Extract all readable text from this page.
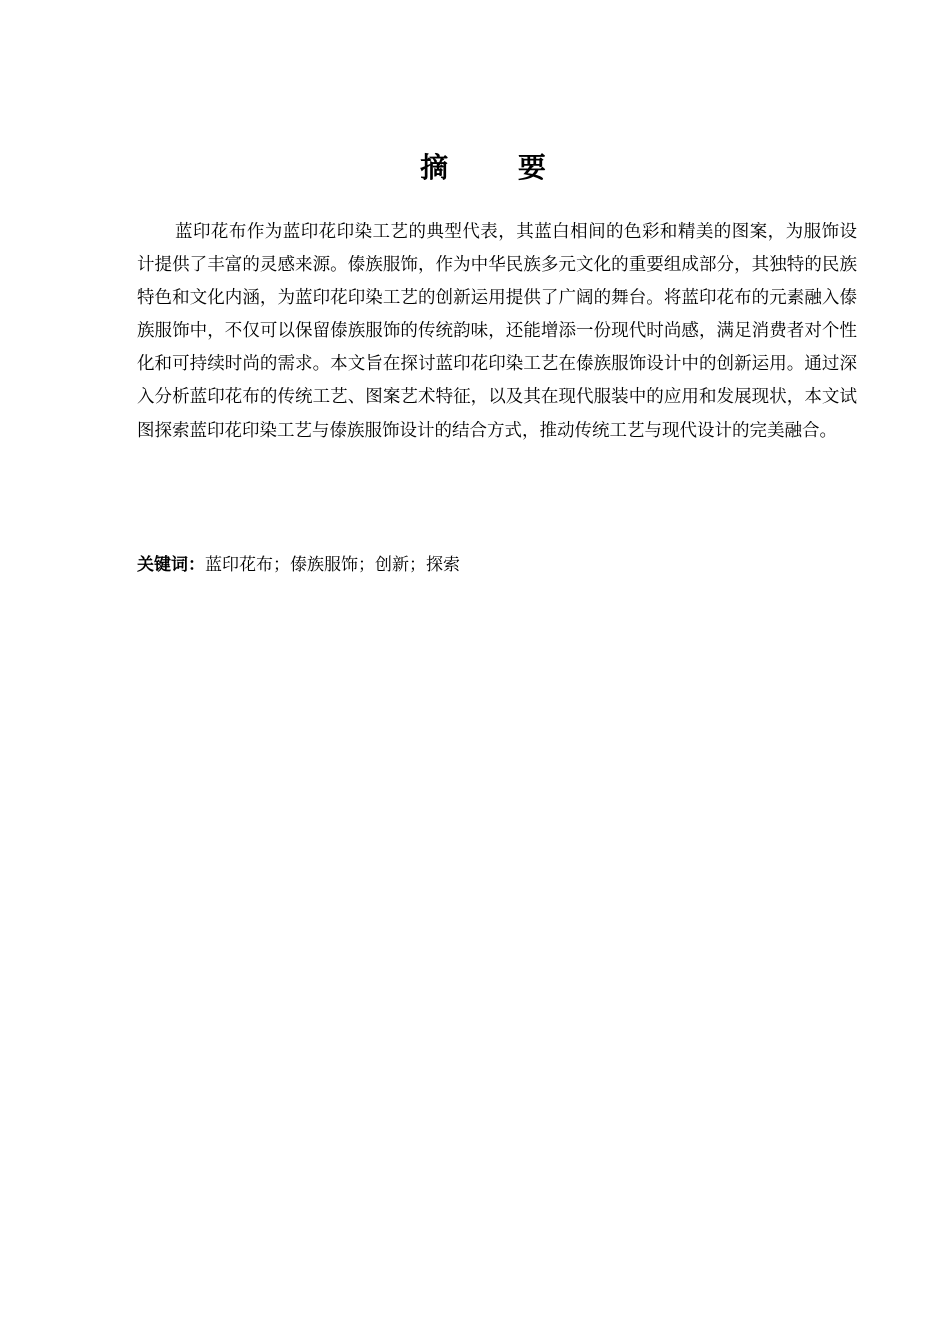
摘 要

蓝印花布作为蓝印花印染工艺的典型代表，其蓝白相间的色彩和精美的图案，为服饰设计提供了丰富的灵感来源。傣族服饰，作为中华民族多元文化的重要组成部分，其独特的民族特色和文化内涵，为蓝印花印染工艺的创新运用提供了广阔的舞台。将蓝印花布的元素融入傣族服饰中，不仅可以保留傣族服饰的传统韵味，还能增添一份现代时尚感，满足消费者对个性化和可持续时尚的需求。本文旨在探讨蓝印花印染工艺在傣族服饰设计中的创新运用。通过深入分析蓝印花布的传统工艺、图案艺术特征，以及其在现代服装中的应用和发展现状，本文试图探索蓝印花印染工艺与傣族服饰设计的结合方式，推动传统工艺与现代设计的完美融合。

关键词：蓝印花布；傣族服饰；创新；探索
